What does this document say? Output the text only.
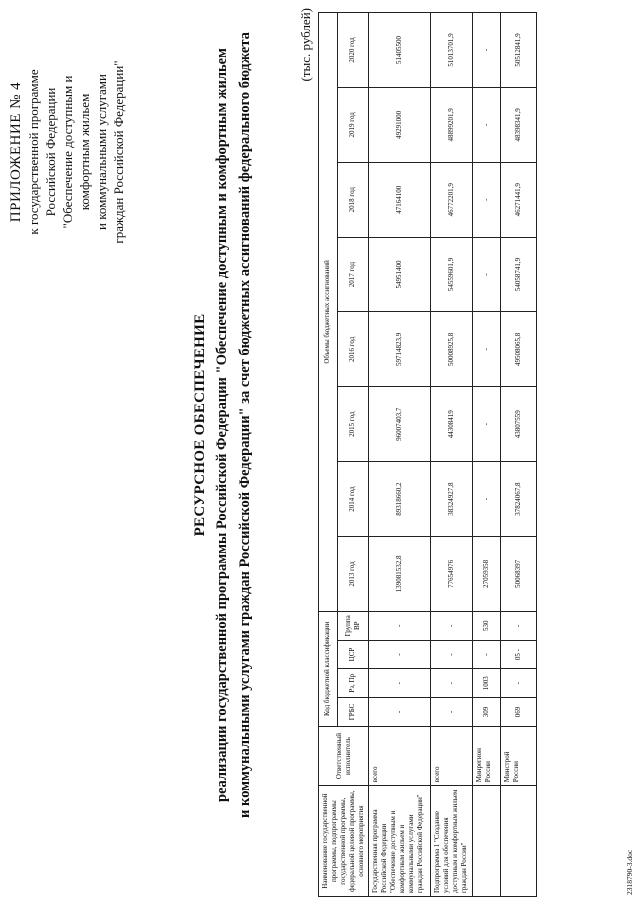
ПРИЛОЖЕНИЕ № 4 к государственной программе Российской Федерации "Обеспечение доступным и комфортным жильем и коммунальными услугами граждан Российской Федерации"
РЕСУРСНОЕ ОБЕСПЕЧЕНИЕ реализации государственной программы Российской Федерации "Обеспечение доступным и комфортным жильем и коммунальными услугами граждан Российской Федерации" за счет бюджетных ассигнований федерального бюджета	(тыс. рублей)
Наименование государственной программы, подпрограммы государственной программы, федеральной целевой программы, основного мероприятия	Ответственный исполнитель	Код бюджетной классификации				Объемы бюджетных ассигнований							
		ГРБС	Рз, Пр	ЦСР	Группа ВР	2013 год	2014 год	2015 год	2016 год	2017 год	2018 год	2019 год	2020 год
Государственная программа Российской Федерации "Обеспечение доступным и комфортным жильем и коммунальными услугами граждан Российской Федерации"	всего	-	-	-	-	139081532,8	89318660,2	96007403,7	59714823,9	54951400	47164100	49291000	51405500
Подпрограмма 1 "Создание условий для обеспечения доступным и комфортным жильем граждан России"	всего	-	-	-	-	77654976	38324927,8	44308419	50008925,8	54559601,9	46772201,9	48899201,9	51013701,9
	Минрегион России	309	1003	-	530	27059358	-	-	-	-	-	-	-
	Минстрой России	069	-	05 -	-	50068397	37824067,8	43807559	49508065,8	54058741,9	46271441,9	48398341,9	50512841,9
2318790-3.doc
